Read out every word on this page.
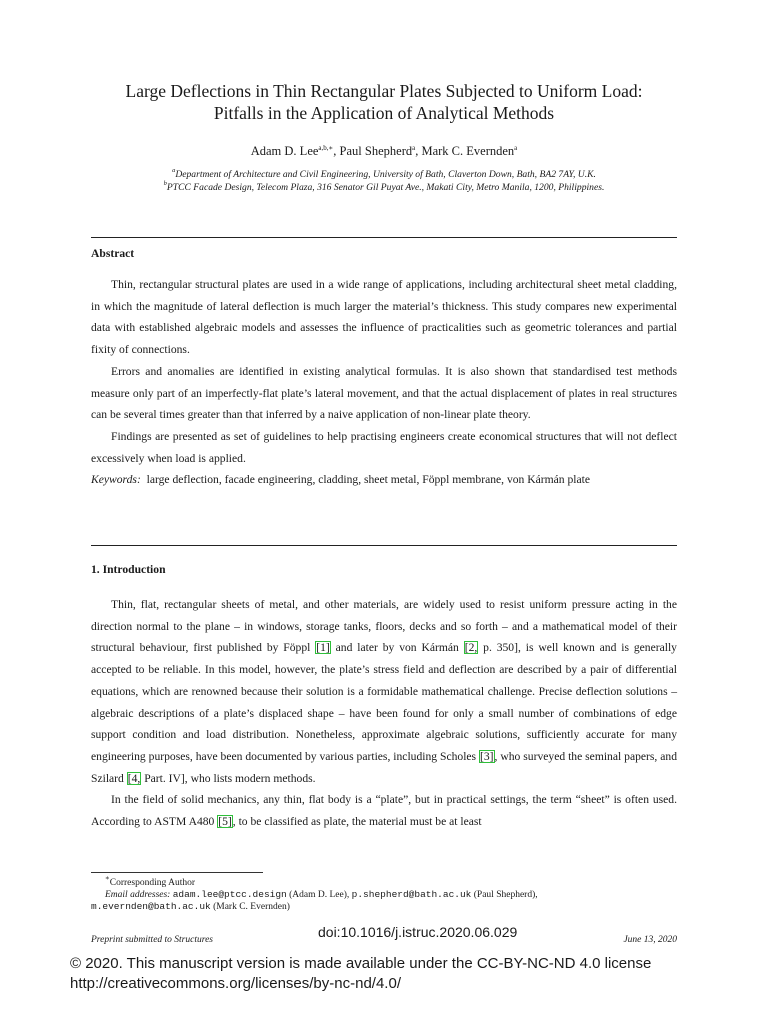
Large Deflections in Thin Rectangular Plates Subjected to Uniform Load:
Pitfalls in the Application of Analytical Methods
Adam D. Lee$^{a,b,∗}$, Paul Shepherd$^a$, Mark C. Evernden$^a$
$^a$Department of Architecture and Civil Engineering, University of Bath, Claverton Down, Bath, BA2 7AY, U.K.
$^b$PTCC Facade Design, Telecom Plaza, 316 Senator Gil Puyat Ave., Makati City, Metro Manila, 1200, Philippines.
Abstract

Thin, rectangular structural plates are used in a wide range of applications, including architectural sheet metal cladding, in which the magnitude of lateral deflection is much larger the material’s thickness. This study compares new experimental data with established algebraic models and assesses the influence of practicalities such as geometric tolerances and partial fixity of connections.

Errors and anomalies are identified in existing analytical formulas. It is also shown that standardised test methods measure only part of an imperfectly-flat plate’s lateral movement, and that the actual displacement of plates in real structures can be several times greater than that inferred by a naive application of non-linear plate theory.

Findings are presented as set of guidelines to help practising engineers create economical structures that will not deflect excessively when load is applied.

Keywords: large deflection, facade engineering, cladding, sheet metal, Föppl membrane, von Kármán plate

1. Introduction

Thin, flat, rectangular sheets of metal, and other materials, are widely used to resist uniform pressure acting in the direction normal to the plane – in windows, storage tanks, floors, decks and so forth – and a mathematical model of their structural behaviour, first published by Föppl [1] and later by von Kármán [2, p. 350], is well known and is generally accepted to be reliable. In this model, however, the plate’s stress field and deflection are described by a pair of differential equations, which are renowned because their solution is a formidable mathematical challenge. Precise deflection solutions – algebraic descriptions of a plate’s displaced shape – have been found for only a small number of combinations of edge support condition and load distribution. Nonetheless, approximate algebraic solutions, sufficiently accurate for many engineering purposes, have been documented by various parties, including Scholes [3], who surveyed the seminal papers, and Szilard [4, Part. IV], who lists modern methods.

In the field of solid mechanics, any thin, flat body is a “plate”, but in practical settings, the term “sheet” is often used. According to ASTM A480 [5], to be classified as plate, the material must be at least

∗Corresponding Author
Email addresses: adam.lee@ptcc.design (Adam D. Lee), p.shepherd@bath.ac.uk (Paul Shepherd),
m.evernden@bath.ac.uk (Mark C. Evernden)
Preprint submitted to Structures	doi:10.1016/j.istruc.2020.06.029	June 13, 2020
© 2020. This manuscript version is made available under the CC-BY-NC-ND 4.0 license
http://creativecommons.org/licenses/by-nc-nd/4.0/
